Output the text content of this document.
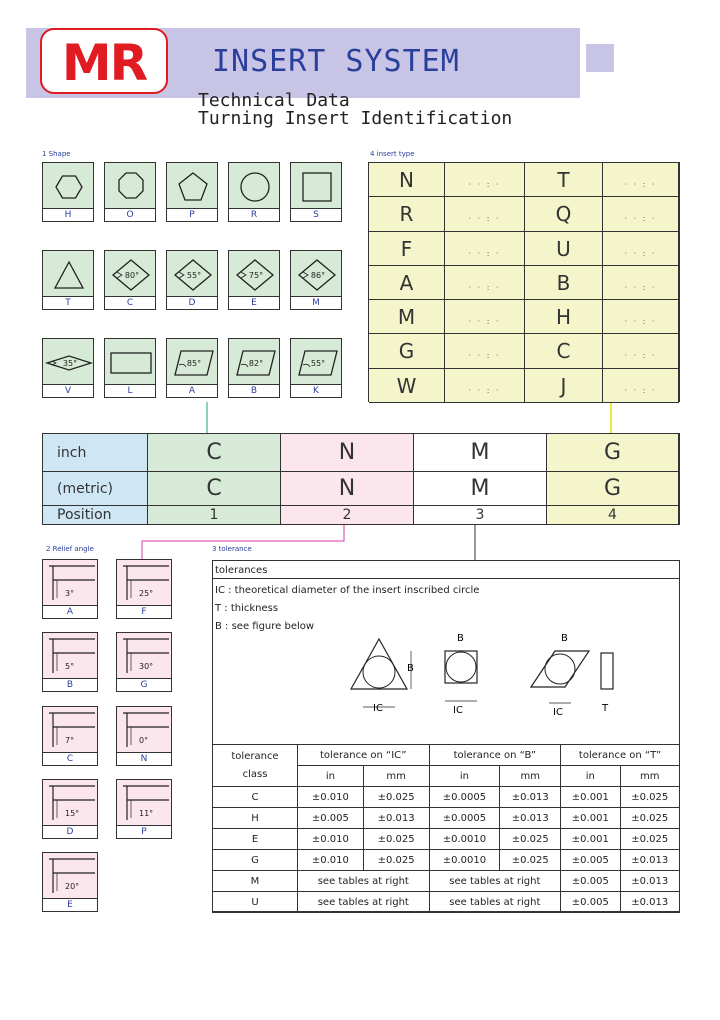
MR	INSERT SYSTEM
Technical Data
Turning Insert Identification
1 Shape	4 insert type
2 Relief angle	3 tolerance
H	O	P	R	S
T
80°
C
55°
D
75°
E
86°
M
35°
V	L
85°
A
82°
B
55°
K
N	· · : ·	T	· · : ·
R	· · : ·	Q	· · : ·
F	· · : ·	U	· · : ·
A	· · : ·	B	· · : ·
M	· · : ·	H	· · : ·
G	· · : ·	C	· · : ·
W	· · : ·	J	· · : ·
inch	C	N	M	G
(metric)	C	N	M	G
Position	1	2	3	4
3°
A
25°
F
5°
B
30°
G
7°
C
0°
N
15°
D
11°
P
20°
E
tolerances
IC : theoretical diameter of the insert inscribed circle
T : thickness
B : see figure below
B
IC	IC
B
IC
B
T
tolerance
class	tolerance on “IC”		tolerance on “B”		tolerance on “T”	
	in	mm	in	mm	in	mm
C	±0.010	±0.025	±0.0005	±0.013	±0.001	±0.025
H	±0.005	±0.013	±0.0005	±0.013	±0.001	±0.025
E	±0.010	±0.025	±0.0010	±0.025	±0.001	±0.025
G	±0.010	±0.025	±0.0010	±0.025	±0.005	±0.013
M	see tables at right		see tables at right		±0.005	±0.013
U	see tables at right		see tables at right		±0.005	±0.013
